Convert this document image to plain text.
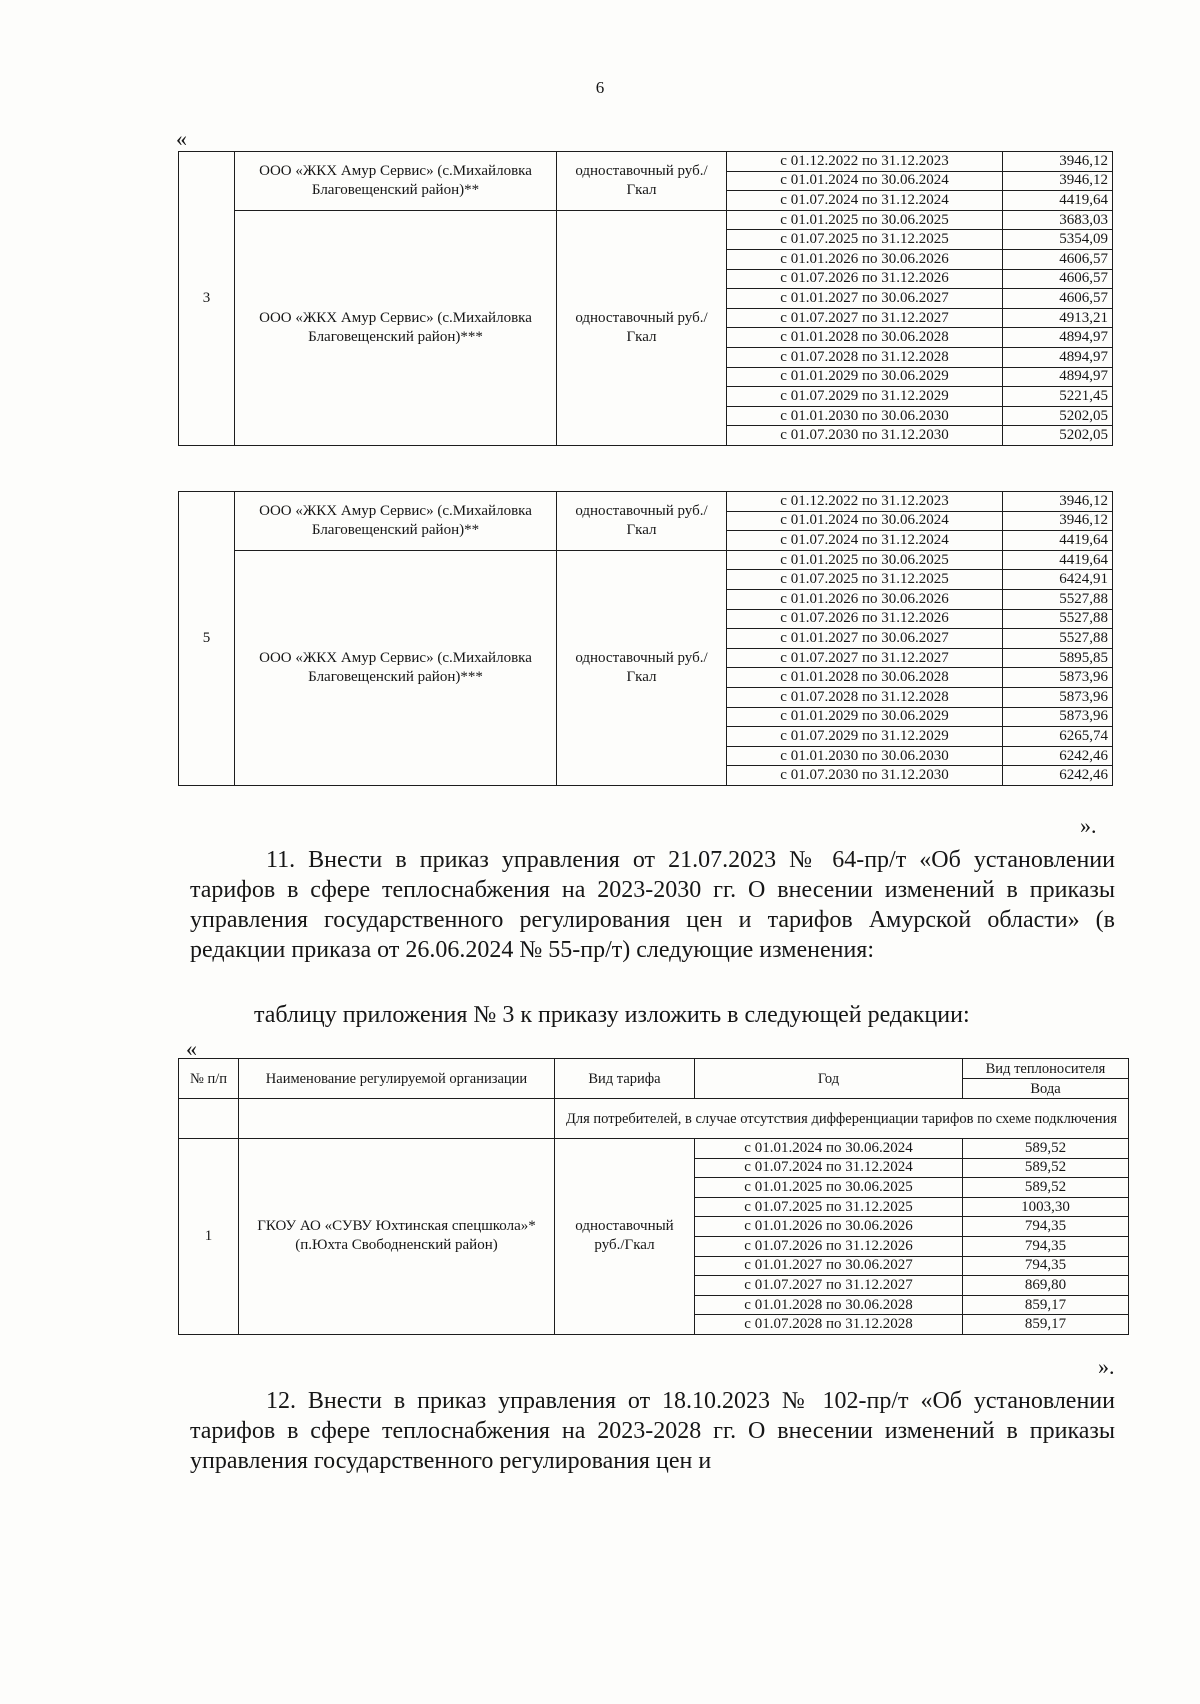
6
«
3	ООО «ЖКХ Амур Сервис» (с.Михайловка Благовещенский район)**	одноставочный руб./Гкал	с 01.12.2022 по 31.12.2023	3946,12
			с 01.01.2024 по 30.06.2024	3946,12
			с 01.07.2024 по 31.12.2024	4419,64
	ООО «ЖКХ Амур Сервис» (с.Михайловка Благовещенский район)***	одноставочный руб./Гкал	с 01.01.2025 по 30.06.2025	3683,03
			с 01.07.2025 по 31.12.2025	5354,09
			с 01.01.2026 по 30.06.2026	4606,57
			с 01.07.2026 по 31.12.2026	4606,57
			с 01.01.2027 по 30.06.2027	4606,57
			с 01.07.2027 по 31.12.2027	4913,21
			с 01.01.2028 по 30.06.2028	4894,97
			с 01.07.2028 по 31.12.2028	4894,97
			с 01.01.2029 по 30.06.2029	4894,97
			с 01.07.2029 по 31.12.2029	5221,45
			с 01.01.2030 по 30.06.2030	5202,05
			с 01.07.2030 по 31.12.2030	5202,05
5	ООО «ЖКХ Амур Сервис» (с.Михайловка Благовещенский район)**	одноставочный руб./Гкал	с 01.12.2022 по 31.12.2023	3946,12
			с 01.01.2024 по 30.06.2024	3946,12
			с 01.07.2024 по 31.12.2024	4419,64
	ООО «ЖКХ Амур Сервис» (с.Михайловка Благовещенский район)***	одноставочный руб./Гкал	с 01.01.2025 по 30.06.2025	4419,64
			с 01.07.2025 по 31.12.2025	6424,91
			с 01.01.2026 по 30.06.2026	5527,88
			с 01.07.2026 по 31.12.2026	5527,88
			с 01.01.2027 по 30.06.2027	5527,88
			с 01.07.2027 по 31.12.2027	5895,85
			с 01.01.2028 по 30.06.2028	5873,96
			с 01.07.2028 по 31.12.2028	5873,96
			с 01.01.2029 по 30.06.2029	5873,96
			с 01.07.2029 по 31.12.2029	6265,74
			с 01.01.2030 по 30.06.2030	6242,46
			с 01.07.2030 по 31.12.2030	6242,46
».
11. Внести в приказ управления от 21.07.2023 № 64-пр/т «Об установлении тарифов в сфере теплоснабжения на 2023-2030 гг. О внесении изменений в приказы управления государственного регулирования цен и тарифов Амурской области» (в редакции приказа от 26.06.2024 № 55-пр/т) следующие изменения:
таблицу приложения № 3 к приказу изложить в следующей редакции:
«
№ п/п	Наименование регулируемой организации	Вид тарифа	Год	Вид теплоносителя
				Вода
		Для потребителей, в случае отсутствия дифференциации тарифов по схеме подключения		
1	ГКОУ АО «СУВУ Юхтинская спецшкола»* (п.Юхта Свободненский район)	одноставочный руб./Гкал	с 01.01.2024 по 30.06.2024	589,52
			с 01.07.2024 по 31.12.2024	589,52
			с 01.01.2025 по 30.06.2025	589,52
			с 01.07.2025 по 31.12.2025	1003,30
			с 01.01.2026 по 30.06.2026	794,35
			с 01.07.2026 по 31.12.2026	794,35
			с 01.01.2027 по 30.06.2027	794,35
			с 01.07.2027 по 31.12.2027	869,80
			с 01.01.2028 по 30.06.2028	859,17
			с 01.07.2028 по 31.12.2028	859,17
».
12. Внести в приказ управления от 18.10.2023 № 102-пр/т «Об установлении тарифов в сфере теплоснабжения на 2023-2028 гг. О внесении изменений в приказы управления государственного регулирования цен и
